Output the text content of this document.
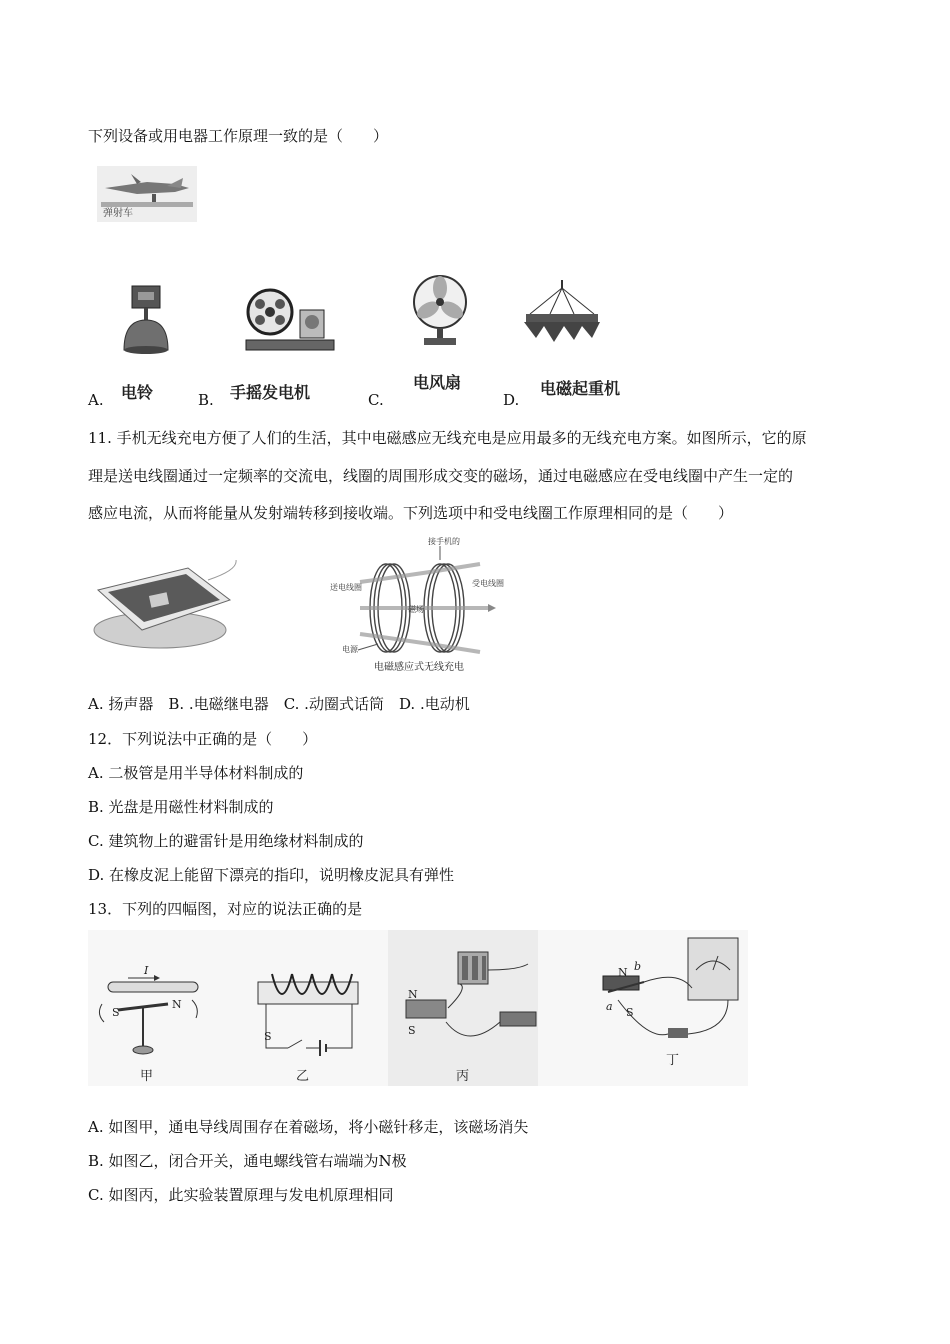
下列设备或用电器工作原理一致的是（　　）
弹射车
A. 电铃	B. 手摇发电机	C.
电风扇
D.
电磁起重机
11. 手机无线充电方便了人们的生活，其中电磁感应无线充电是应用最多的无线充电方案。如图所示，它的原
理是送电线圈通过一定频率的交流电，线圈的周围形成交变的磁场，通过电磁感应在受电线圈中产生一定的
感应电流，从而将能量从发射端转移到接收端。下列选项中和受电线圈工作原理相同的是（　　）
接手机的
送电线圈	受电线圈
磁场
电源
电磁感应式无线充电
A. 扬声器　B. .电磁继电器　C. .动圈式话筒　D. .电动机
12．下列说法中正确的是（　　）
A. 二极管是用半导体材料制成的
B. 光盘是用磁性材料制成的
C. 建筑物上的避雷针是用绝缘材料制成的
D. 在橡皮泥上能留下漂亮的指印，说明橡皮泥具有弹性
13．下列的四幅图，对应的说法正确的是
I
S
N
甲
S
乙
N
S
丙
N b
a S
丁
A. 如图甲，通电导线周围存在着磁场，将小磁针移走，该磁场消失
B. 如图乙，闭合开关，通电螺线管右端端为N极
C. 如图丙，此实验装置原理与发电机原理相同
